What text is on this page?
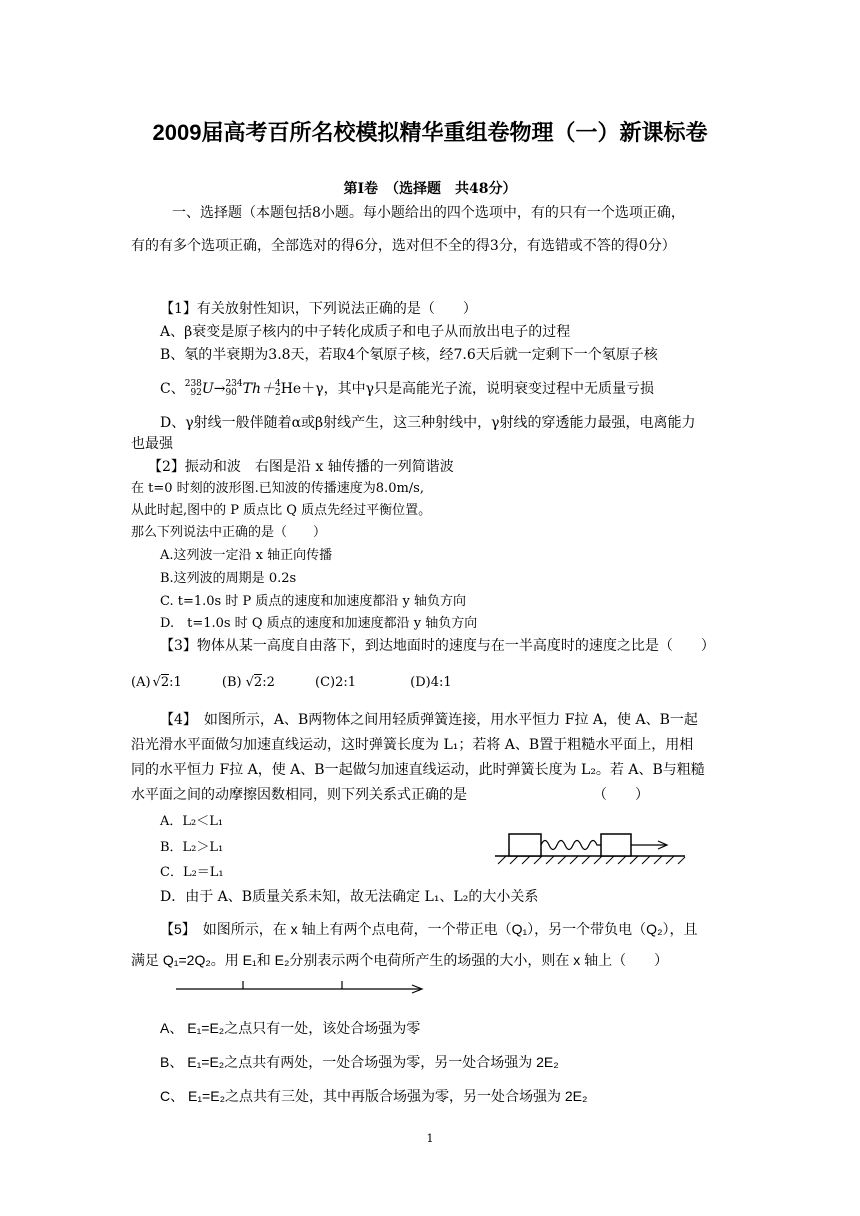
2009届高考百所名校模拟精华重组卷物理（一）新课标卷
第Ⅰ卷　（选择题　共48分）
一、选择题（本题包括8小题。每小题给出的四个选项中，有的只有一个选项正确，
有的有多个选项正确，全部选对的得6分，选对但不全的得3分，有选错或不答的得0分）
【1】有关放射性知识，下列说法正确的是（　　）
A、β衰变是原子核内的中子转化成质子和电子从而放出电子的过程
B、氡的半衰期为3.8天，若取4个氡原子核，经7.6天后就一定剩下一个氡原子核
C、238
92U→234
90 Th＋4
2He＋γ，其中γ只是高能光子流，说明衰变过程中无质量亏损
D、γ射线一般伴随着α或β射线产生，这三种射线中，γ射线的穿透能力最强，电离能力
也最强
【2】振动和波　右图是沿 x 轴传播的一列简谐波
在 t=0 时刻的波形图.已知波的传播速度为8.0m/s,
从此时起,图中的 P 质点比 Q 质点先经过平衡位置。
那么下列说法中正确的是（　　）
A.这列波一定沿 x 轴正向传播
B.这列波的周期是 0.2s
C. t=1.0s 时 P 质点的速度和加速度都沿 y 轴负方向
D.　t=1.0s 时 Q 质点的速度和加速度都沿 y 轴负方向
【3】物体从某一高度自由落下，到达地面时的速度与在一半高度时的速度之比是（　　）
(A) √2:1	(B) √2:2	(C)2:1	(D)4:1
【4】　如图所示，A、B两物体之间用轻质弹簧连接，用水平恒力 F拉 A，使 A、B一起
沿光滑水平面做匀加速直线运动，这时弹簧长度为 L₁；若将 A、B置于粗糙水平面上，用相
同的水平恒力 F拉 A，使 A、B一起做匀加速直线运动，此时弹簧长度为 L₂。若 A、B与粗糙
水平面之间的动摩擦因数相同，则下列关系式正确的是	（　　）
A．L₂＜L₁
B．L₂＞L₁
C．L₂＝L₁
D．由于 A、B质量关系未知，故无法确定 L₁、L₂的大小关系
【5】　如图所示，在 x 轴上有两个点电荷，一个带正电（Q₁），另一个带负电（Q₂），且
满足 Q₁=2Q₂。用 E₁和 E₂分别表示两个电荷所产生的场强的大小，则在 x 轴上（　　）
A、 E₁=E₂之点只有一处，该处合场强为零
B、 E₁=E₂之点共有两处，一处合场强为零，另一处合场强为 2E₂
C、 E₁=E₂之点共有三处，其中再版合场强为零，另一处合场强为 2E₂
1
